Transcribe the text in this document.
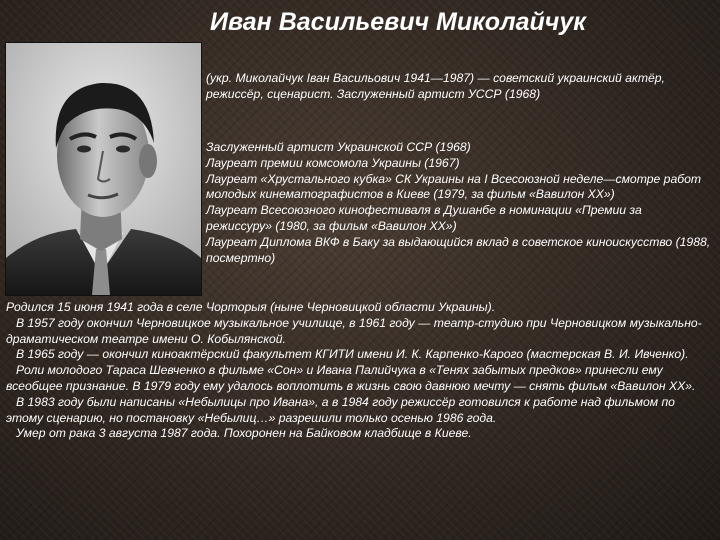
Иван Васильевич Миколайчук

(укр. Миколайчук Іван Васильович 1941—1987) — советский украинский актёр, режиссёр, сценарист. Заслуженный артист УССР (1968)

Заслуженный артист Украинской ССР (1968)
Лауреат премии комсомола Украины (1967)
Лауреат «Хрустального кубка» СК Украины на I Всесоюзной неделе—смотре работ молодых кинематографистов в Киеве (1979, за фильм «Вавилон XX»)
Лауреат Всесоюзного кинофестиваля в Душанбе в номинации «Премии за режиссуру» (1980, за фильм «Вавилон XX»)
Лауреат Диплома ВКФ в Баку за выдающийся вклад в советское киноискусство (1988, посмертно)
Родился 15 июня 1941 года в селе Чорторыя (ныне Черновицкой области Украины).
В 1957 году окончил Черновицкое музыкальное училище, в 1961 году — театр-студию при Черновицком музыкально-драматическом театре имени О. Кобылянской.
В 1965 году — окончил киноактёрский факультет КГИТИ имени И. К. Карпенко-Карого (мастерская В. И. Ивченко).
Роли молодого Тараса Шевченко в фильме «Сон» и Ивана Палийчука в «Тенях забытых предков» принесли ему всеобщее признание. В 1979 году ему удалось воплотить в жизнь свою давнюю мечту — снять фильм «Вавилон XX».
В 1983 году были написаны «Небылицы про Ивана», а в 1984 году режиссёр готовился к работе над фильмом по этому сценарию, но постановку «Небылиц…» разрешили только осенью 1986 года.
Умер от рака 3 августа 1987 года. Похоронен на Байковом кладбище в Киеве.
